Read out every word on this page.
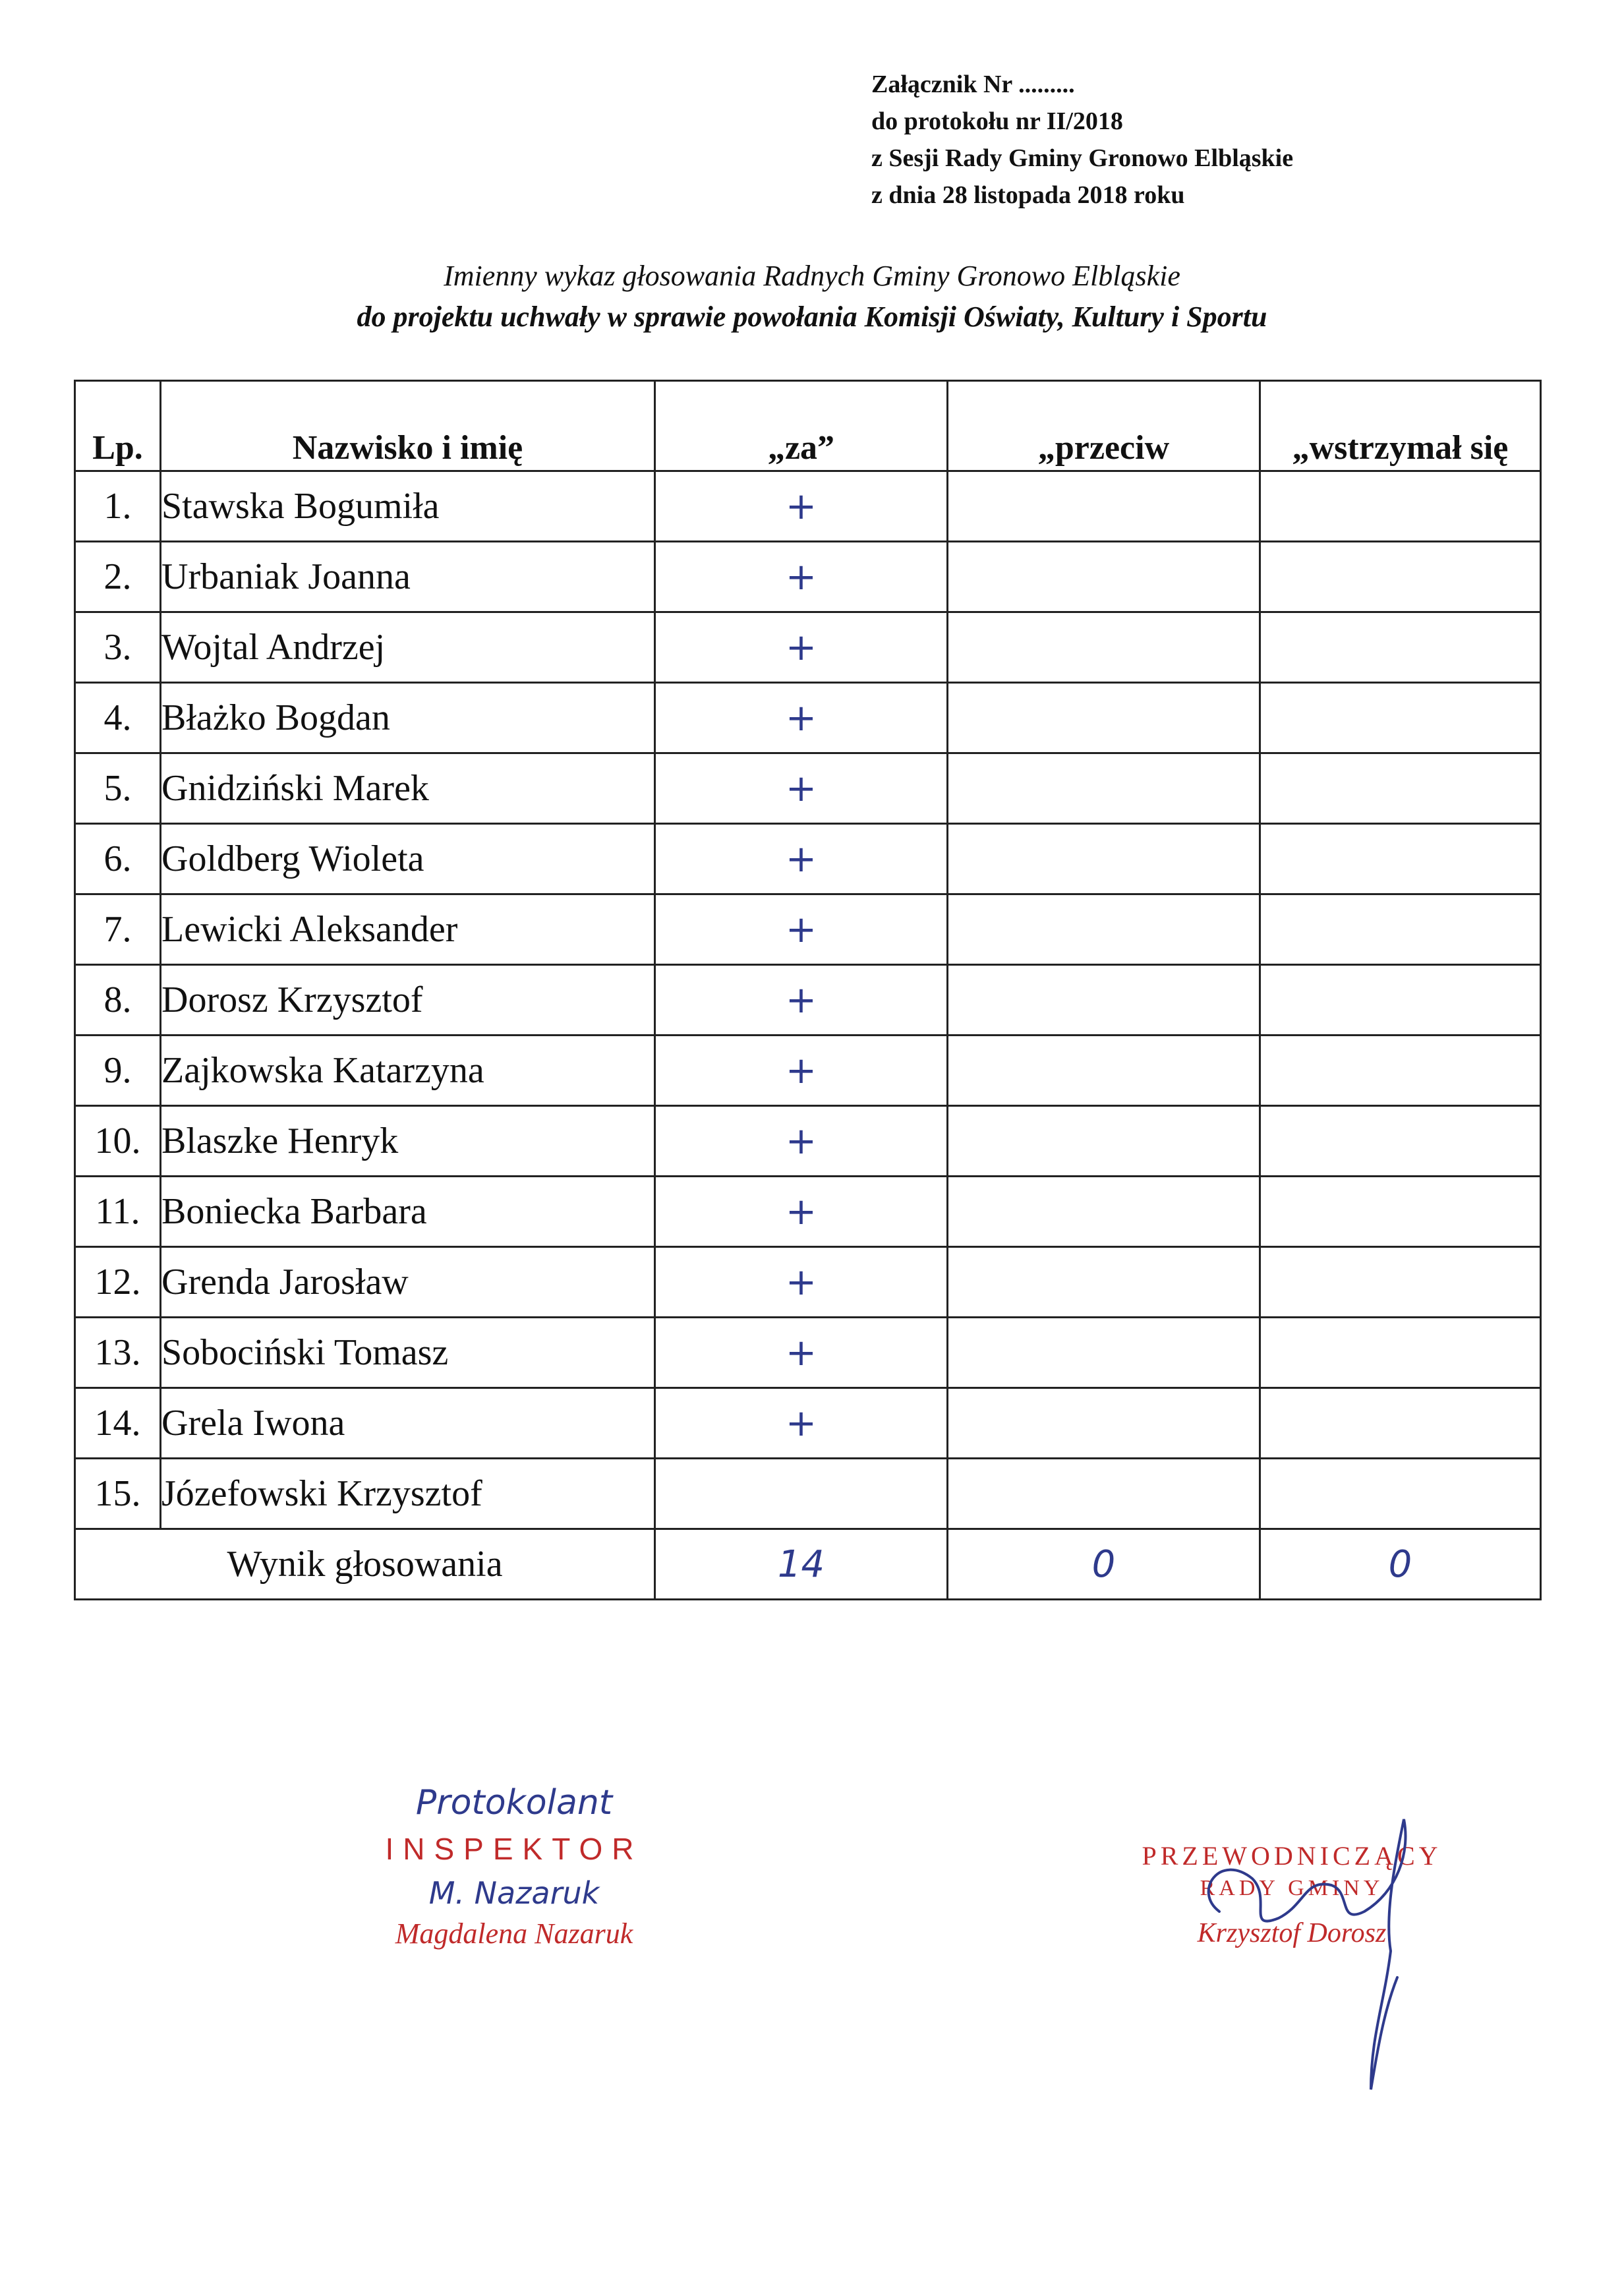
Załącznik Nr .........
do protokołu nr II/2018
z Sesji Rady Gminy Gronowo Elbląskie
z dnia 28 listopada 2018 roku
Imienny wykaz głosowania Radnych Gminy Gronowo Elbląskie
do projektu uchwały w sprawie powołania Komisji Oświaty, Kultury i Sportu
Lp.	Nazwisko i imię	„za”	„przeciw	„wstrzymał się
1.	Stawska Bogumiła	+		
2.	Urbaniak Joanna	+		
3.	Wojtal Andrzej	+		
4.	Błażko Bogdan	+		
5.	Gnidziński Marek	+		
6.	Goldberg Wioleta	+		
7.	Lewicki Aleksander	+		
8.	Dorosz Krzysztof	+		
9.	Zajkowska Katarzyna	+		
10.	Blaszke Henryk	+		
11.	Boniecka Barbara	+		
12.	Grenda Jarosław	+		
13.	Sobociński Tomasz	+		
14.	Grela Iwona	+		
15.	Józefowski Krzysztof			
Wynik głosowania		14	0	0
Protokolant
INSPEKTOR
M. Nazaruk
Magdalena Nazaruk
PRZEWODNICZĄCY
RADY GMINY
Krzysztof Dorosz
